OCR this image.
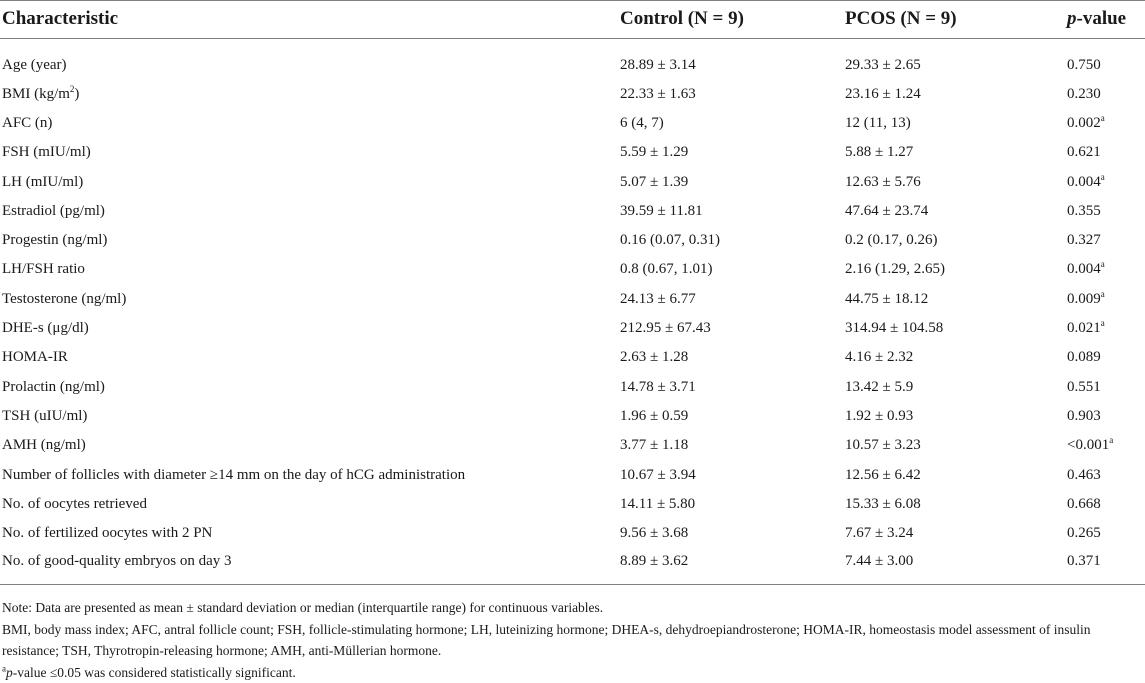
Characteristic	Control (N = 9)	PCOS (N = 9)	p-value
Age (year)	28.89 ± 3.14	29.33 ± 2.65	0.750
BMI $(kg/m^2)$	22.33 ± 1.63	23.16 ± 1.24	0.230
AFC (n)	6 (4, 7)	12 (11, 13)	0.002$^a$
FSH (mIU/ml)	5.59 ± 1.29	5.88 ± 1.27	0.621
LH (mIU/ml)	5.07 ± 1.39	12.63 ± 5.76	0.004$^a$
Estradiol (pg/ml)	39.59 ± 11.81	47.64 ± 23.74	0.355
Progestin (ng/ml)	0.16 (0.07, 0.31)	0.2 (0.17, 0.26)	0.327
LH/FSH ratio	0.8 (0.67, 1.01)	2.16 (1.29, 2.65)	0.004$^a$
Testosterone (ng/ml)	24.13 ± 6.77	44.75 ± 18.12	0.009$^a$
DHE-s (μg/dl)	212.95 ± 67.43	314.94 ± 104.58	0.021$^a$
HOMA-IR	2.63 ± 1.28	4.16 ± 2.32	0.089
Prolactin (ng/ml)	14.78 ± 3.71	13.42 ± 5.9	0.551
TSH (uIU/ml)	1.96 ± 0.59	1.92 ± 0.93	0.903
AMH (ng/ml)	3.77 ± 1.18	10.57 ± 3.23	<0.001$^a$
Number of follicles with diameter ≥14 mm on the day of hCG administration	10.67 ± 3.94	12.56 ± 6.42	0.463
No. of oocytes retrieved	14.11 ± 5.80	15.33 ± 6.08	0.668
No. of fertilized oocytes with 2 PN	9.56 ± 3.68	7.67 ± 3.24	0.265
No. of good-quality embryos on day 3	8.89 ± 3.62	7.44 ± 3.00	0.371

Note: Data are presented as mean ± standard deviation or median (interquartile range) for continuous variables.

BMI, body mass index; AFC, antral follicle count; FSH, follicle-stimulating hormone; LH, luteinizing hormone; DHEA-s, dehydroepiandrosterone; HOMA-IR, homeostasis model assessment of insulin resistance; TSH, Thyrotropin-releasing hormone; AMH, anti-Müllerian hormone.

$^a$p-value ≤0.05 was considered statistically significant.
